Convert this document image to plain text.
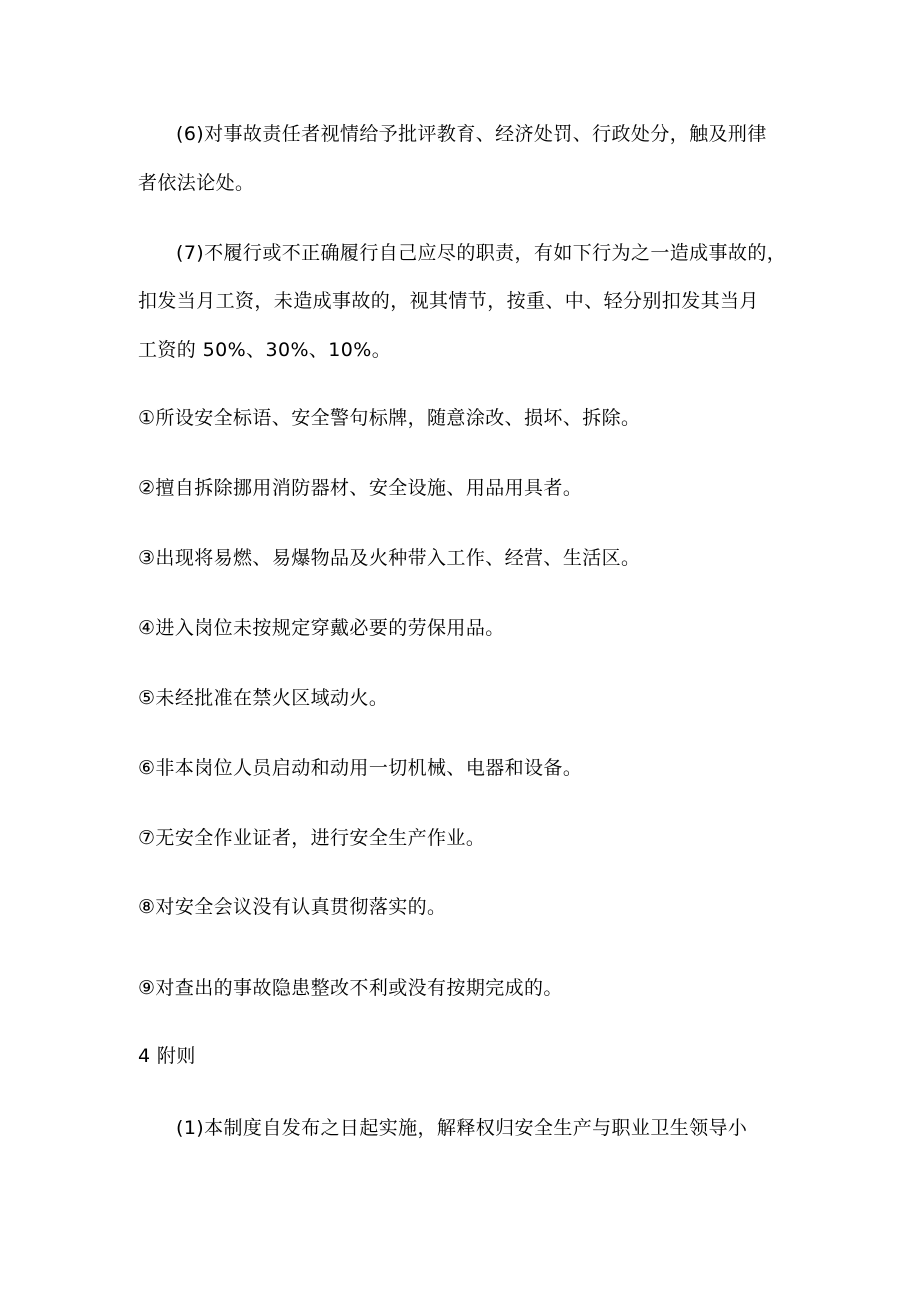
(6)对事故责任者视情给予批评教育、经济处罚、行政处分，触及刑律
者依法论处。
(7)不履行或不正确履行自己应尽的职责，有如下行为之一造成事故的，
扣发当月工资，未造成事故的，视其情节，按重、中、轻分别扣发其当月
工资的 50%、30%、10%。
①所设安全标语、安全警句标牌，随意涂改、损坏、拆除。
②擅自拆除挪用消防器材、安全设施、用品用具者。
③出现将易燃、易爆物品及火种带入工作、经营、生活区。
④进入岗位未按规定穿戴必要的劳保用品。
⑤未经批准在禁火区域动火。
⑥非本岗位人员启动和动用一切机械、电器和设备。
⑦无安全作业证者，进行安全生产作业。
⑧对安全会议没有认真贯彻落实的。
⑨对查出的事故隐患整改不利或没有按期完成的。
4 附则
(1)本制度自发布之日起实施，解释权归安全生产与职业卫生领导小
